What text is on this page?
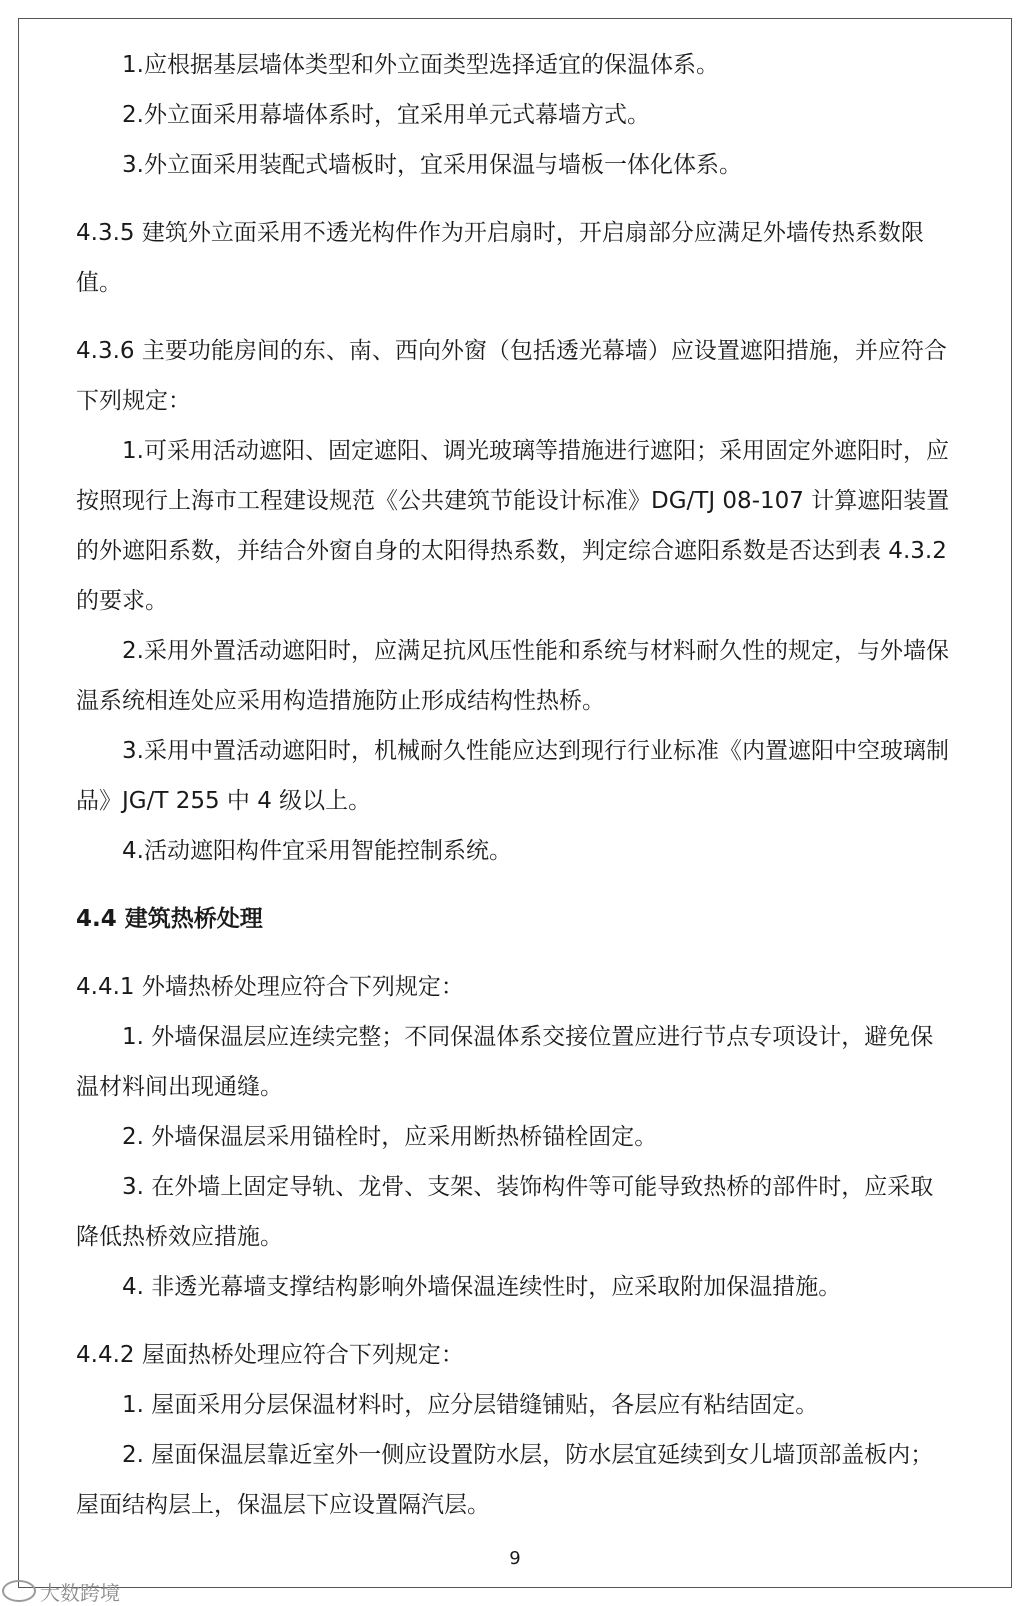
1.应根据基层墙体类型和外立面类型选择适宜的保温体系。

2.外立面采用幕墙体系时，宜采用单元式幕墙方式。

3.外立面采用装配式墙板时，宜采用保温与墙板一体化体系。

4.3.5 建筑外立面采用不透光构件作为开启扇时，开启扇部分应满足外墙传热系数限值。

4.3.6 主要功能房间的东、南、西向外窗（包括透光幕墙）应设置遮阳措施，并应符合下列规定：

1.可采用活动遮阳、固定遮阳、调光玻璃等措施进行遮阳；采用固定外遮阳时，应按照现行上海市工程建设规范《公共建筑节能设计标准》DG/TJ 08-107 计算遮阳装置的外遮阳系数，并结合外窗自身的太阳得热系数，判定综合遮阳系数是否达到表 4.3.2 的要求。

2.采用外置活动遮阳时，应满足抗风压性能和系统与材料耐久性的规定，与外墙保温系统相连处应采用构造措施防止形成结构性热桥。

3.采用中置活动遮阳时，机械耐久性能应达到现行行业标准《内置遮阳中空玻璃制品》JG/T 255 中 4 级以上。

4.活动遮阳构件宜采用智能控制系统。

4.4 建筑热桥处理

4.4.1 外墙热桥处理应符合下列规定：

1. 外墙保温层应连续完整；不同保温体系交接位置应进行节点专项设计，避免保温材料间出现通缝。

2. 外墙保温层采用锚栓时，应采用断热桥锚栓固定。

3. 在外墙上固定导轨、龙骨、支架、装饰构件等可能导致热桥的部件时，应采取降低热桥效应措施。

4. 非透光幕墙支撑结构影响外墙保温连续性时，应采取附加保温措施。

4.4.2 屋面热桥处理应符合下列规定：

1. 屋面采用分层保温材料时，应分层错缝铺贴，各层应有粘结固定。

2. 屋面保温层靠近室外一侧应设置防水层，防水层宜延续到女儿墙顶部盖板内；屋面结构层上，保温层下应设置隔汽层。

9
大数跨境
